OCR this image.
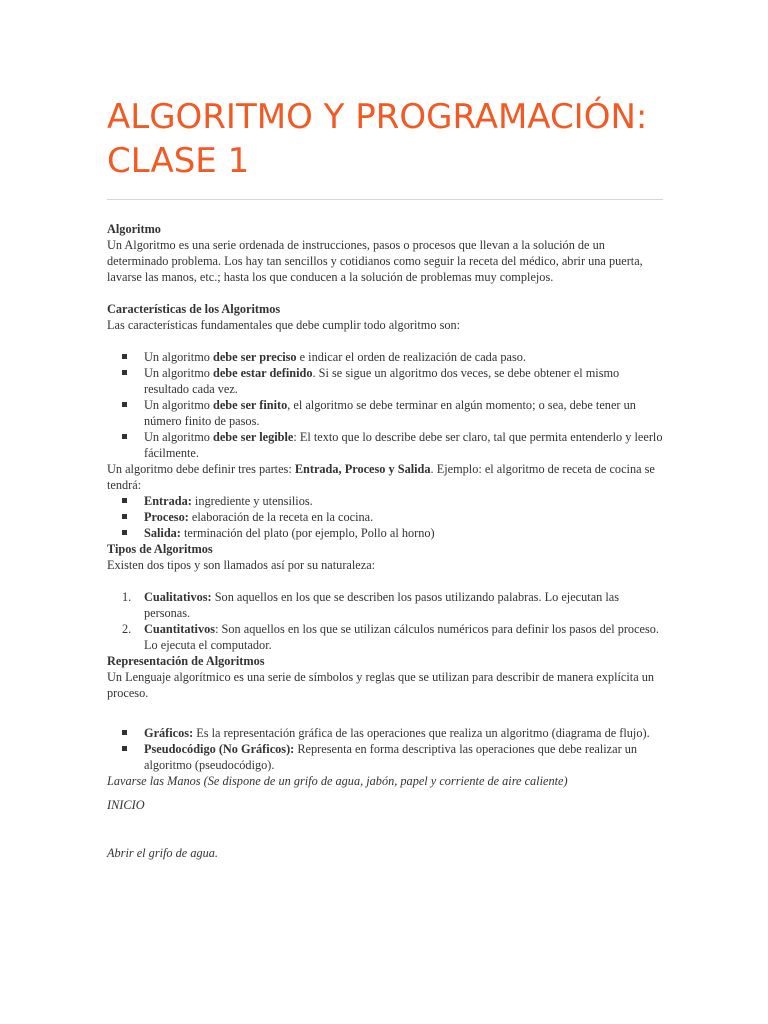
ALGORITMO Y PROGRAMACIÓN:
CLASE 1

Algoritmo

Un Algoritmo es una serie ordenada de instrucciones, pasos o procesos que llevan a la solución de un determinado problema. Los hay tan sencillos y cotidianos como seguir la receta del médico, abrir una puerta, lavarse las manos, etc.; hasta los que conducen a la solución de problemas muy complejos.

Características de los Algoritmos

Las características fundamentales que debe cumplir todo algoritmo son:

Un algoritmo debe ser preciso e indicar el orden de realización de cada paso.
Un algoritmo debe estar definido. Si se sigue un algoritmo dos veces, se debe obtener el mismo resultado cada vez.
Un algoritmo debe ser finito, el algoritmo se debe terminar en algún momento; o sea, debe tener un número finito de pasos.
Un algoritmo debe ser legible: El texto que lo describe debe ser claro, tal que permita entenderlo y leerlo fácilmente.

Un algoritmo debe definir tres partes: Entrada, Proceso y Salida. Ejemplo: el algoritmo de receta de cocina se tendrá:

Entrada: ingrediente y utensilios.
Proceso: elaboración de la receta en la cocina.
Salida: terminación del plato (por ejemplo, Pollo al horno)

Tipos de Algoritmos

Existen dos tipos y son llamados así por su naturaleza:

1. Cualitativos: Son aquellos en los que se describen los pasos utilizando palabras. Lo ejecutan las personas.
2. Cuantitativos: Son aquellos en los que se utilizan cálculos numéricos para definir los pasos del proceso. Lo ejecuta el computador.

Representación de Algoritmos

Un Lenguaje algorítmico es una serie de símbolos y reglas que se utilizan para describir de manera explícita un proceso.

Gráficos: Es la representación gráfica de las operaciones que realiza un algoritmo (diagrama de flujo).
Pseudocódigo (No Gráficos): Representa en forma descriptiva las operaciones que debe realizar un algoritmo (pseudocódigo).

Lavarse las Manos (Se dispone de un grifo de agua, jabón, papel y corriente de aire caliente)

INICIO

Abrir el grifo de agua.
